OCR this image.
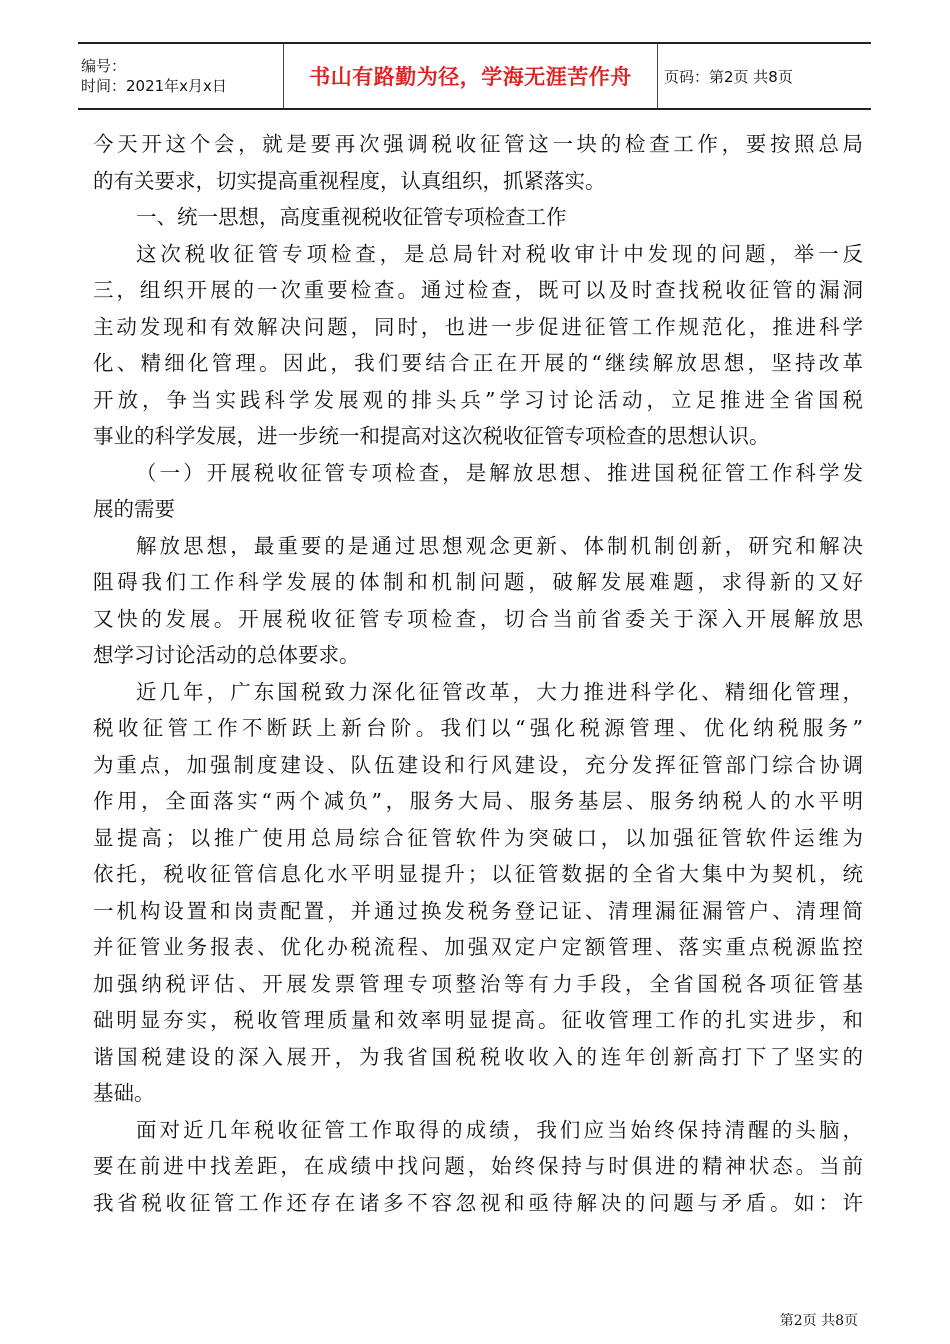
编号：
时间：2021年x月x日	书山有路勤为径，学海无涯苦作舟 页码：第2页 共8页
今天开这个会，就是要再次强调税收征管这一块的检查工作，要按照总局
的有关要求，切实提高重视程度，认真组织，抓紧落实。
一、统一思想，高度重视税收征管专项检查工作
这次税收征管专项检查，是总局针对税收审计中发现的问题，举一反
三，组织开展的一次重要检查。通过检查，既可以及时查找税收征管的漏洞
主动发现和有效解决问题，同时，也进一步促进征管工作规范化，推进科学
化、精细化管理。因此，我们要结合正在开展的“继续解放思想，坚持改革
开放，争当实践科学发展观的排头兵”学习讨论活动，立足推进全省国税
事业的科学发展，进一步统一和提高对这次税收征管专项检查的思想认识。
（一）开展税收征管专项检查，是解放思想、推进国税征管工作科学发
展的需要
解放思想，最重要的是通过思想观念更新、体制机制创新，研究和解决
阻碍我们工作科学发展的体制和机制问题，破解发展难题，求得新的又好
又快的发展。开展税收征管专项检查，切合当前省委关于深入开展解放思
想学习讨论活动的总体要求。
近几年，广东国税致力深化征管改革，大力推进科学化、精细化管理，
税收征管工作不断跃上新台阶。我们以“强化税源管理、优化纳税服务”
为重点，加强制度建设、队伍建设和行风建设，充分发挥征管部门综合协调
作用，全面落实“两个减负”，服务大局、服务基层、服务纳税人的水平明
显提高；以推广使用总局综合征管软件为突破口，以加强征管软件运维为
依托，税收征管信息化水平明显提升；以征管数据的全省大集中为契机，统
一机构设置和岗责配置，并通过换发税务登记证、清理漏征漏管户、清理简
并征管业务报表、优化办税流程、加强双定户定额管理、落实重点税源监控
加强纳税评估、开展发票管理专项整治等有力手段，全省国税各项征管基
础明显夯实，税收管理质量和效率明显提高。征收管理工作的扎实进步，和
谐国税建设的深入展开，为我省国税税收收入的连年创新高打下了坚实的
基础。
面对近几年税收征管工作取得的成绩，我们应当始终保持清醒的头脑，
要在前进中找差距，在成绩中找问题，始终保持与时俱进的精神状态。当前
我省税收征管工作还存在诸多不容忽视和亟待解决的问题与矛盾。如：许
第2页 共8页
